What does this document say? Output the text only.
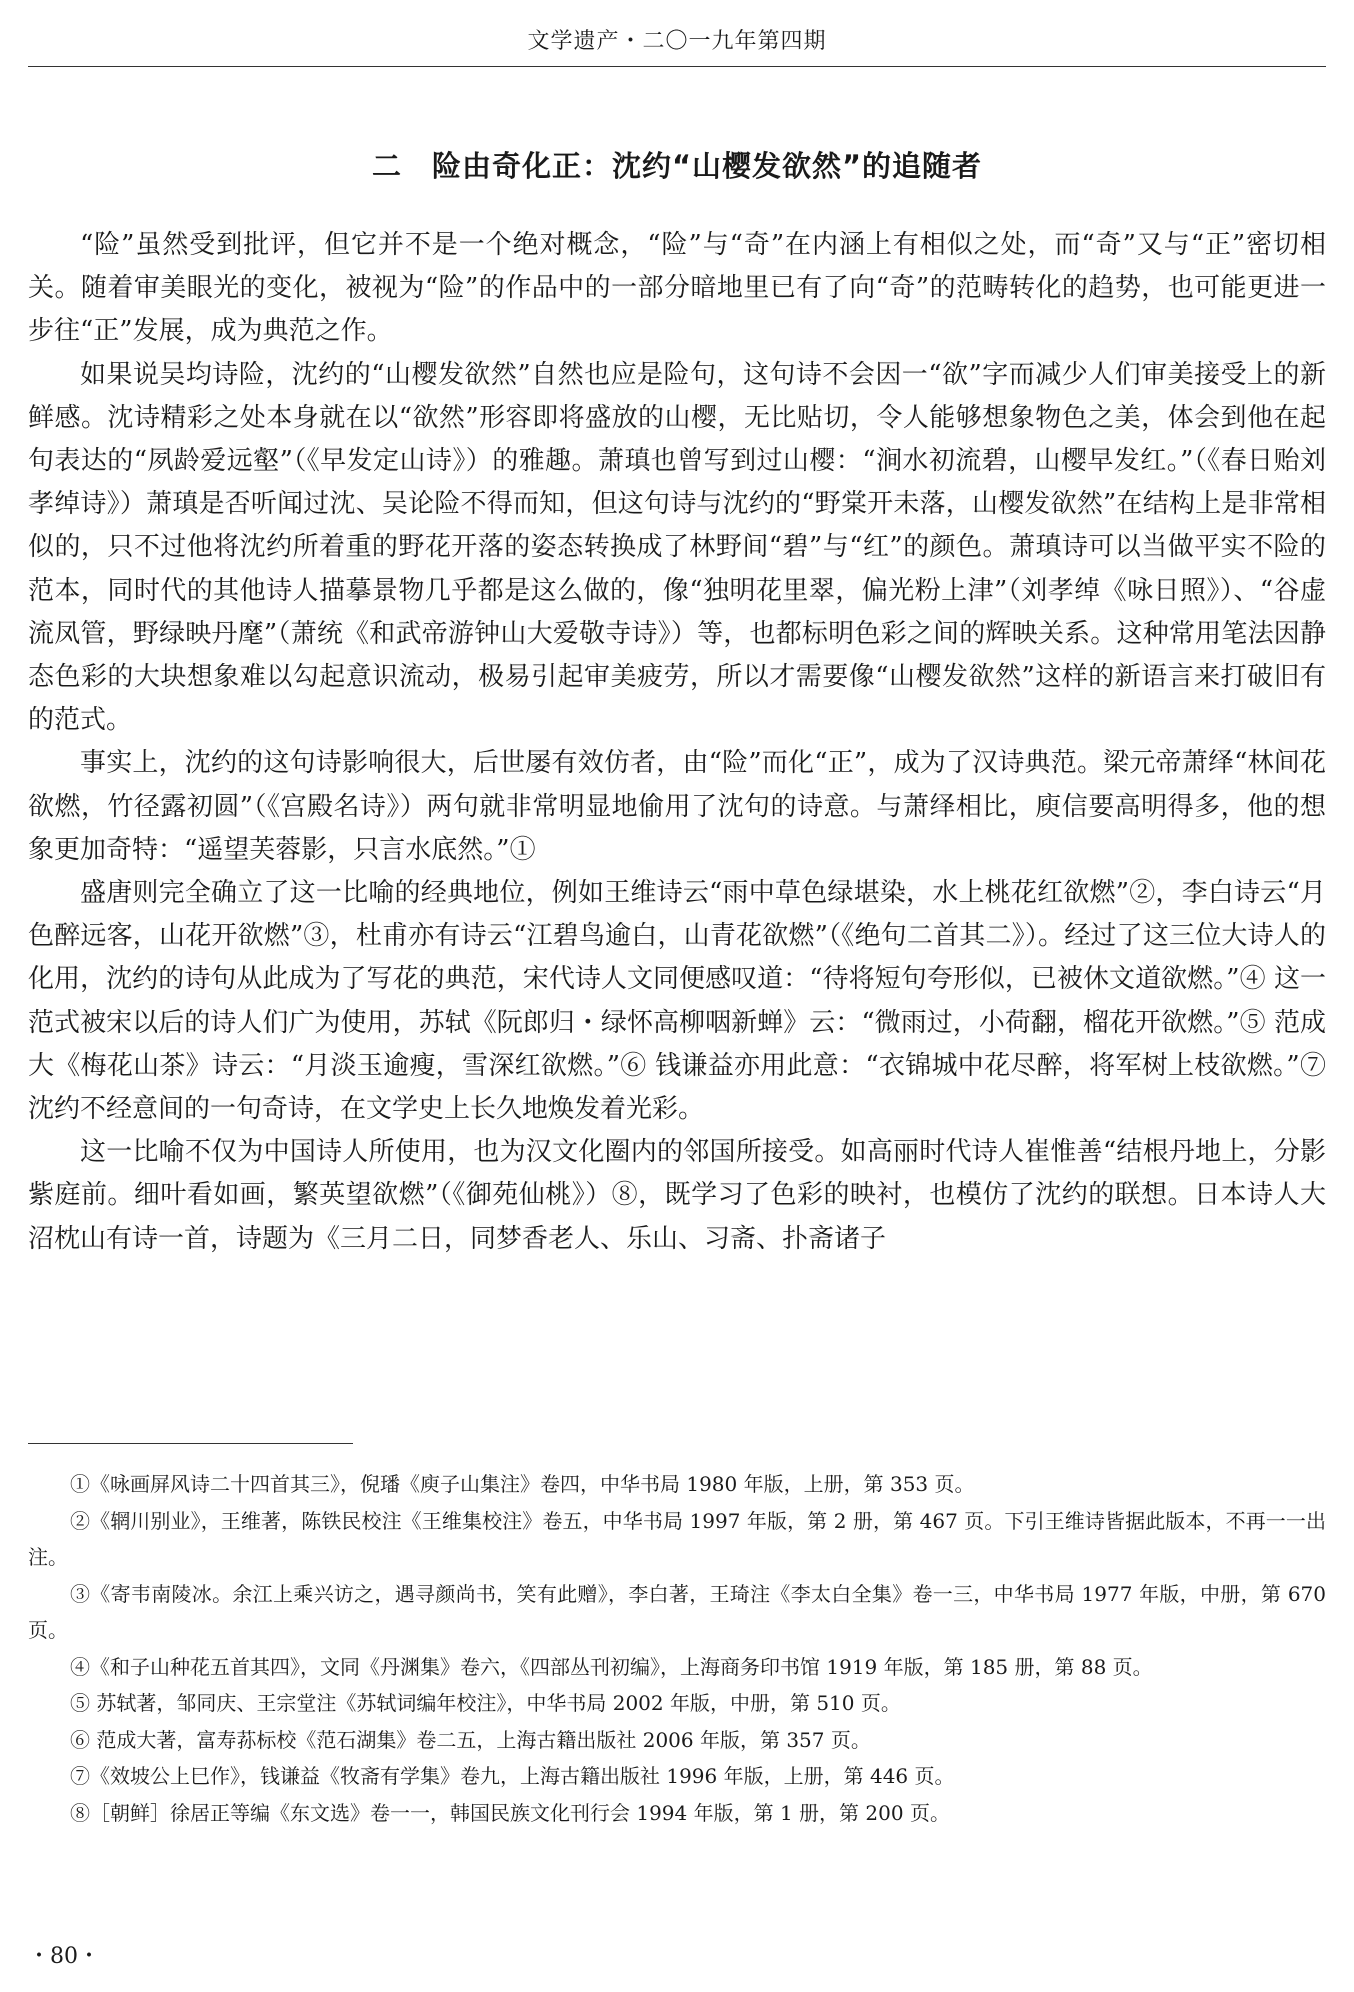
文学遗产・二〇一九年第四期
二　险由奇化正：沈约“山樱发欲然”的追随者

“险”虽然受到批评，但它并不是一个绝对概念，“险”与“奇”在内涵上有相似之处，而“奇”又与“正”密切相关。随着审美眼光的变化，被视为“险”的作品中的一部分暗地里已有了向“奇”的范畴转化的趋势，也可能更进一步往“正”发展，成为典范之作。

如果说吴均诗险，沈约的“山樱发欲然”自然也应是险句，这句诗不会因一“欲”字而减少人们审美接受上的新鲜感。沈诗精彩之处本身就在以“欲然”形容即将盛放的山樱，无比贴切，令人能够想象物色之美，体会到他在起句表达的“夙龄爱远壑”（《早发定山诗》）的雅趣。萧瑱也曾写到过山樱：“涧水初流碧，山樱早发红。”（《春日贻刘孝绰诗》）萧瑱是否听闻过沈、吴论险不得而知，但这句诗与沈约的“野棠开未落，山樱发欲然”在结构上是非常相似的，只不过他将沈约所着重的野花开落的姿态转换成了林野间“碧”与“红”的颜色。萧瑱诗可以当做平实不险的范本，同时代的其他诗人描摹景物几乎都是这么做的，像“独明花里翠，偏光粉上津”（刘孝绰《咏日照》）、“谷虚流凤管，野绿映丹麾”（萧统《和武帝游钟山大爱敬寺诗》）等，也都标明色彩之间的辉映关系。这种常用笔法因静态色彩的大块想象难以勾起意识流动，极易引起审美疲劳，所以才需要像“山樱发欲然”这样的新语言来打破旧有的范式。

事实上，沈约的这句诗影响很大，后世屡有效仿者，由“险”而化“正”，成为了汉诗典范。梁元帝萧绎“林间花欲燃，竹径露初圆”（《宫殿名诗》）两句就非常明显地偷用了沈句的诗意。与萧绎相比，庾信要高明得多，他的想象更加奇特：“遥望芙蓉影，只言水底然。”①

盛唐则完全确立了这一比喻的经典地位，例如王维诗云“雨中草色绿堪染，水上桃花红欲燃”②，李白诗云“月色醉远客，山花开欲燃”③，杜甫亦有诗云“江碧鸟逾白，山青花欲燃”（《绝句二首其二》）。经过了这三位大诗人的化用，沈约的诗句从此成为了写花的典范，宋代诗人文同便感叹道：“待将短句夸形似，已被休文道欲燃。”④ 这一范式被宋以后的诗人们广为使用，苏轼《阮郎归・绿怀高柳咽新蝉》云：“微雨过，小荷翻，榴花开欲燃。”⑤ 范成大《梅花山茶》诗云：“月淡玉逾瘦，雪深红欲燃。”⑥ 钱谦益亦用此意：“衣锦城中花尽醉，将军树上枝欲燃。”⑦ 沈约不经意间的一句奇诗，在文学史上长久地焕发着光彩。

这一比喻不仅为中国诗人所使用，也为汉文化圈内的邻国所接受。如高丽时代诗人崔惟善“结根丹地上，分影紫庭前。细叶看如画，繁英望欲燃”（《御苑仙桃》）⑧，既学习了色彩的映衬，也模仿了沈约的联想。日本诗人大沼枕山有诗一首，诗题为《三月二日，同梦香老人、乐山、习斋、扑斋诸子

①《咏画屏风诗二十四首其三》，倪璠《庾子山集注》卷四，中华书局 1980 年版，上册，第 353 页。

②《辋川别业》，王维著，陈铁民校注《王维集校注》卷五，中华书局 1997 年版，第 2 册，第 467 页。下引王维诗皆据此版本，不再一一出注。

③《寄韦南陵冰。余江上乘兴访之，遇寻颜尚书，笑有此赠》，李白著，王琦注《李太白全集》卷一三，中华书局 1977 年版，中册，第 670 页。

④《和子山种花五首其四》，文同《丹渊集》卷六，《四部丛刊初编》，上海商务印书馆 1919 年版，第 185 册，第 88 页。

⑤ 苏轼著，邹同庆、王宗堂注《苏轼词编年校注》，中华书局 2002 年版，中册，第 510 页。

⑥ 范成大著，富寿荪标校《范石湖集》卷二五，上海古籍出版社 2006 年版，第 357 页。

⑦《效坡公上巳作》，钱谦益《牧斋有学集》卷九，上海古籍出版社 1996 年版，上册，第 446 页。

⑧［朝鲜］徐居正等编《东文选》卷一一，韩国民族文化刊行会 1994 年版，第 1 册，第 200 页。

・80・
